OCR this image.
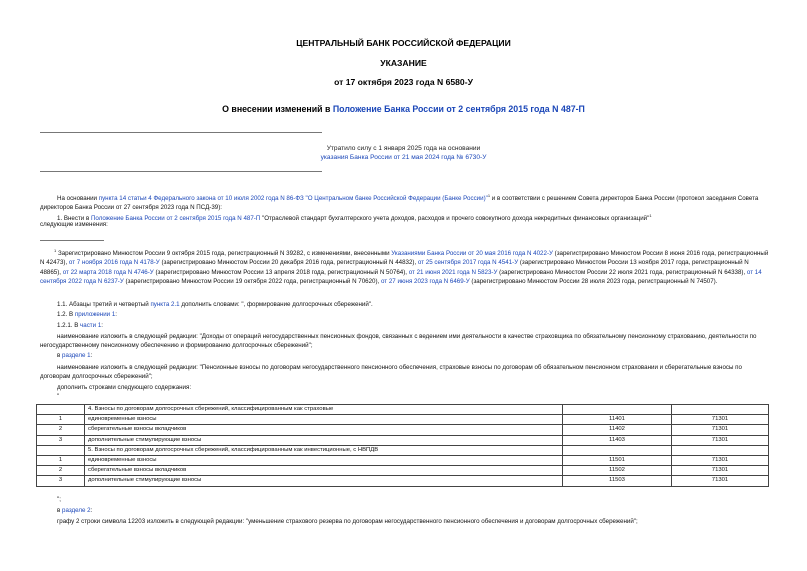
ЦЕНТРАЛЬНЫЙ БАНК РОССИЙСКОЙ ФЕДЕРАЦИИ
УКАЗАНИЕ
от 17 октября 2023 года N 6580-У
О внесении изменений в Положение Банка России от 2 сентября 2015 года N 487-П
Утратило силу с 1 января 2025 года на основании
указания Банка России от 21 мая 2024 года № 6730-У
На основании пункта 14 статьи 4 Федерального закона от 10 июля 2002 года N 86-ФЗ "О Центральном банке Российской Федерации (Банке России)"$^1$ и в соответствии с решением Совета директоров Банка России (протокол заседания Совета директоров Банка России от 27 сентября 2023 года N ПСД-39):
1. Внести в Положение Банка России от 2 сентября 2015 года N 487-П "Отраслевой стандарт бухгалтерского учета доходов, расходов и прочего совокупного дохода некредитных финансовых организаций"$^1$
следующие изменения:
$^1$ Зарегистрировано Минюстом России 9 октября 2015 года, регистрационный N 39282, с изменениями, внесенными Указаниями Банка России от 20 мая 2016 года N 4022-У (зарегистрировано Минюстом России 8 июня 2016 года, регистрационный N 42473), от 7 ноября 2016 года N 4178-У (зарегистрировано Минюстом России 20 декабря 2016 года, регистрационный N 44832), от 25 сентября 2017 года N 4541-У (зарегистрировано Минюстом России 13 ноября 2017 года, регистрационный N 48865), от 22 марта 2018 года N 4746-У (зарегистрировано Минюстом России 13 апреля 2018 года, регистрационный N 50764), от 21 июня 2021 года N 5823-У (зарегистрировано Минюстом России 22 июля 2021 года, регистрационный N 64338), от 14 сентября 2022 года N 6237-У (зарегистрировано Минюстом России 19 октября 2022 года, регистрационный N 70620), от 27 июня 2023 года N 6469-У (зарегистрировано Минюстом России 28 июля 2023 года, регистрационный N 74507).
1.1. Абзацы третий и четвертый пункта 2.1 дополнить словами: ", формирование долгосрочных сбережений".
1.2. В приложении 1:
1.2.1. В части 1:
наименование изложить в следующей редакции: "Доходы от операций негосударственных пенсионных фондов, связанных с ведением ими деятельности в качестве страховщика по обязательному пенсионному страхованию, деятельности по негосударственному пенсионному обеспечению и формированию долгосрочных сбережений";
в разделе 1:
наименование изложить в следующей редакции: "Пенсионные взносы по договорам негосударственного пенсионного обеспечения, страховые взносы по договорам об обязательном пенсионном страховании и сберегательные взносы по договорам долгосрочных сбережений";
дополнить строками следующего содержания:
"
	4. Взносы по договорам долгосрочных сбережений, классифицированным как страховые		
1	единовременные взносы	11401	71301
2	сберегательные взносы вкладчиков	11402	71301
3	дополнительные стимулирующие взносы	11403	71301
	5. Взносы по договорам долгосрочных сбережений, классифицированным как инвестиционные, с НВПДВ		
1	единовременные взносы	11501	71301
2	сберегательные взносы вкладчиков	11502	71301
3	дополнительные стимулирующие взносы	11503	71301
";
в разделе 2:
графу 2 строки символа 12203 изложить в следующей редакции: "уменьшение страхового резерва по договорам негосударственного пенсионного обеспечения и договорам долгосрочных сбережений";
